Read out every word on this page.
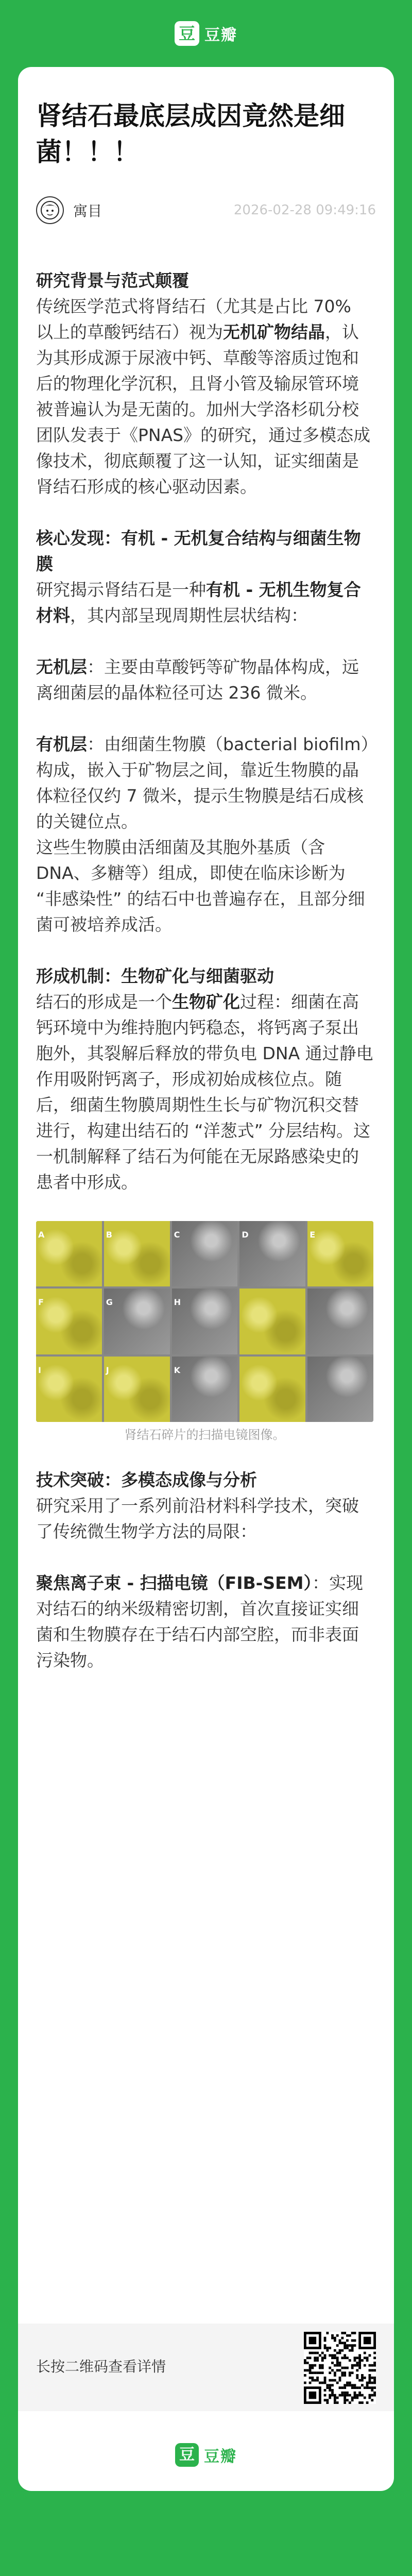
豆 豆瓣
肾结石最底层成因竟然是细菌！！！
寓目	2026-02-28 09:49:16

研究背景与范式颠覆
传统医学范式将肾结石（尤其是占比 70% 以上的草酸钙结石）视为无机矿物结晶，认为其形成源于尿液中钙、草酸等溶质过饱和后的物理化学沉积，且肾小管及输尿管环境被普遍认为是无菌的。加州大学洛杉矶分校团队发表于《PNAS》的研究，通过多模态成像技术，彻底颠覆了这一认知，证实细菌是肾结石形成的核心驱动因素。

核心发现：有机 - 无机复合结构与细菌生物膜
研究揭示肾结石是一种有机 - 无机生物复合材料，其内部呈现周期性层状结构：

无机层：主要由草酸钙等矿物晶体构成，远离细菌层的晶体粒径可达 236 微米。

有机层：由细菌生物膜（bacterial biofilm）构成，嵌入于矿物层之间，靠近生物膜的晶体粒径仅约 7 微米，提示生物膜是结石成核的关键位点。
这些生物膜由活细菌及其胞外基质（含 DNA、多糖等）组成，即使在临床诊断为 “非感染性” 的结石中也普遍存在，且部分细菌可被培养成活。

形成机制：生物矿化与细菌驱动
结石的形成是一个生物矿化过程：细菌在高钙环境中为维持胞内钙稳态，将钙离子泵出胞外，其裂解后释放的带负电 DNA 通过静电作用吸附钙离子，形成初始成核位点。随后，细菌生物膜周期性生长与矿物沉积交替进行，构建出结石的 “洋葱式” 分层结构。这一机制解释了结石为何能在无尿路感染史的患者中形成。

A	B	C	D	E
F	G	H
I	J	K
肾结石碎片的扫描电镜图像。

技术突破：多模态成像与分析
研究采用了一系列前沿材料科学技术，突破了传统微生物学方法的局限：

聚焦离子束 - 扫描电镜（FIB-SEM）：实现对结石的纳米级精密切割，首次直接证实细菌和生物膜存在于结石内部空腔，而非表面污染物。

长按二维码查看详情
豆 豆瓣
